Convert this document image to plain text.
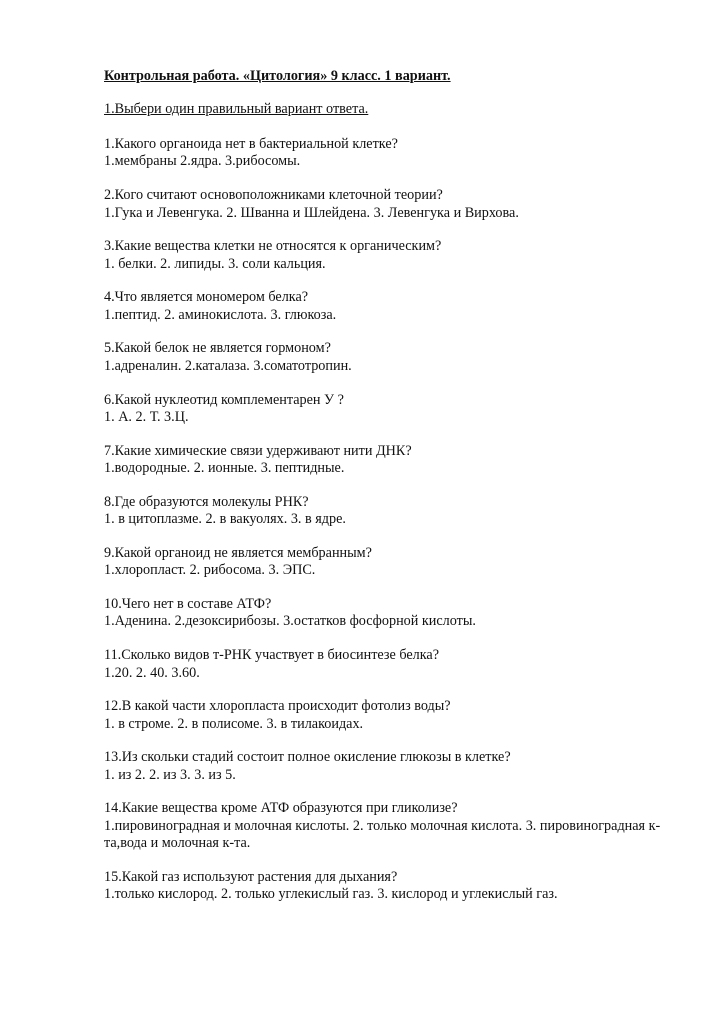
Контрольная работа. «Цитология» 9 класс. 1 вариант.

1.Выбери один правильный вариант ответа.

1.Какого органоида нет в бактериальной клетке?
1.мембраны 2.ядра. 3.рибосомы.
2.Кого считают основоположниками клеточной теории?
1.Гука и Левенгука. 2. Шванна и Шлейдена. 3. Левенгука и Вирхова.
3.Какие вещества клетки не относятся к органическим?
1. белки. 2. липиды. 3. соли кальция.
4.Что является мономером белка?
1.пептид. 2. аминокислота. 3. глюкоза.
5.Какой белок не является гормоном?
1.адреналин. 2.каталаза. 3.соматотропин.
6.Какой нуклеотид комплементарен У ?
1. А. 2. Т. 3.Ц.
7.Какие химические связи удерживают нити ДНК?
1.водородные. 2. ионные. 3. пептидные.
8.Где образуются молекулы РНК?
1. в цитоплазме. 2. в вакуолях. 3. в ядре.
9.Какой органоид не является мембранным?
1.хлоропласт. 2. рибосома. 3. ЭПС.
10.Чего нет в составе АТФ?
1.Аденина. 2.дезоксирибозы. 3.остатков фосфорной кислоты.
11.Сколько видов т-РНК участвует в биосинтезе белка?
1.20. 2. 40. 3.60.
12.В какой части хлоропласта происходит фотолиз воды?
1. в строме. 2. в полисоме. 3. в тилакоидах.
13.Из скольки стадий состоит полное окисление глюкозы в клетке?
1. из 2. 2. из 3. 3. из 5.
14.Какие вещества кроме АТФ образуются при гликолизе?
1.пировиноградная и молочная кислоты. 2. только молочная кислота. 3. пировиноградная к-та,вода и молочная к-та.
15.Какой газ используют растения для дыхания?
1.только кислород. 2. только углекислый газ. 3. кислород и углекислый газ.
